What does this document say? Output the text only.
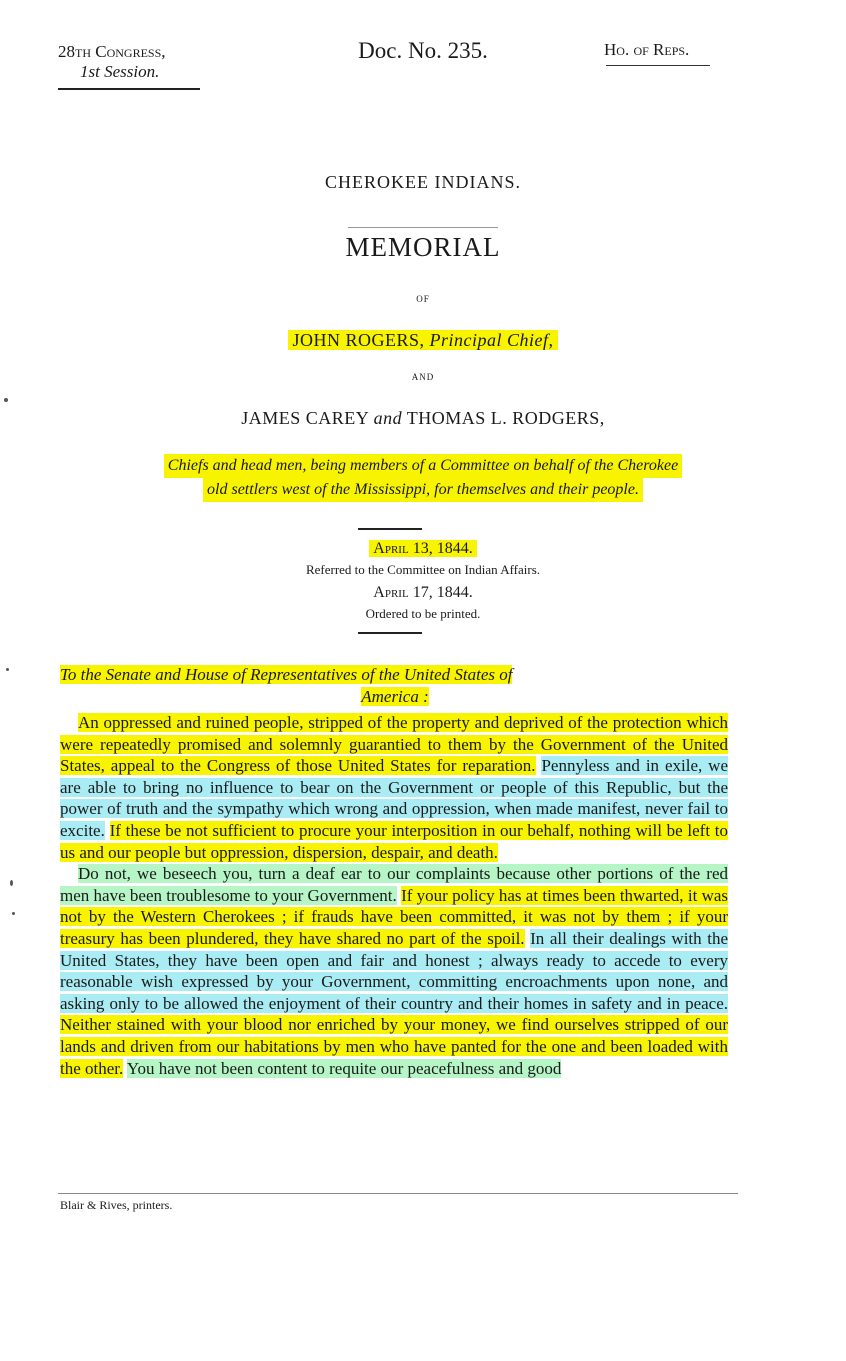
28th Congress,
1st Session.
Doc. No. 235.	Ho. of Reps.
CHEROKEE INDIANS.
MEMORIAL
OF
JOHN ROGERS, Principal Chief,
AND
JAMES CAREY and THOMAS L. RODGERS,
Chiefs and head men, being members of a Committee on behalf of the Cherokee
old settlers west of the Mississippi, for themselves and their people.
April 13, 1844.
Referred to the Committee on Indian Affairs.
April 17, 1844.
Ordered to be printed.
To the Senate and House of Representatives of the United States of
America :

An oppressed and ruined people, stripped of the property and deprived of the protection which were repeatedly promised and solemnly guarantied to them by the Government of the United States, appeal to the Congress of those United States for reparation. Pennyless and in exile, we are able to bring no influence to bear on the Government or people of this Republic, but the power of truth and the sympathy which wrong and oppression, when made manifest, never fail to excite. If these be not sufficient to procure your interposition in our behalf, nothing will be left to us and our people but oppression, dispersion, despair, and death.

Do not, we beseech you, turn a deaf ear to our complaints because other portions of the red men have been troublesome to your Government. If your policy has at times been thwarted, it was not by the Western Cherokees ; if frauds have been committed, it was not by them ; if your treasury has been plundered, they have shared no part of the spoil. In all their dealings with the United States, they have been open and fair and honest ; always ready to accede to every reasonable wish expressed by your Government, committing encroachments upon none, and asking only to be allowed the enjoyment of their country and their homes in safety and in peace. Neither stained with your blood nor enriched by your money, we find ourselves stripped of our lands and driven from our habitations by men who have panted for the one and been loaded with the other. You have not been content to requite our peacefulness and good

Blair & Rives, printers.
